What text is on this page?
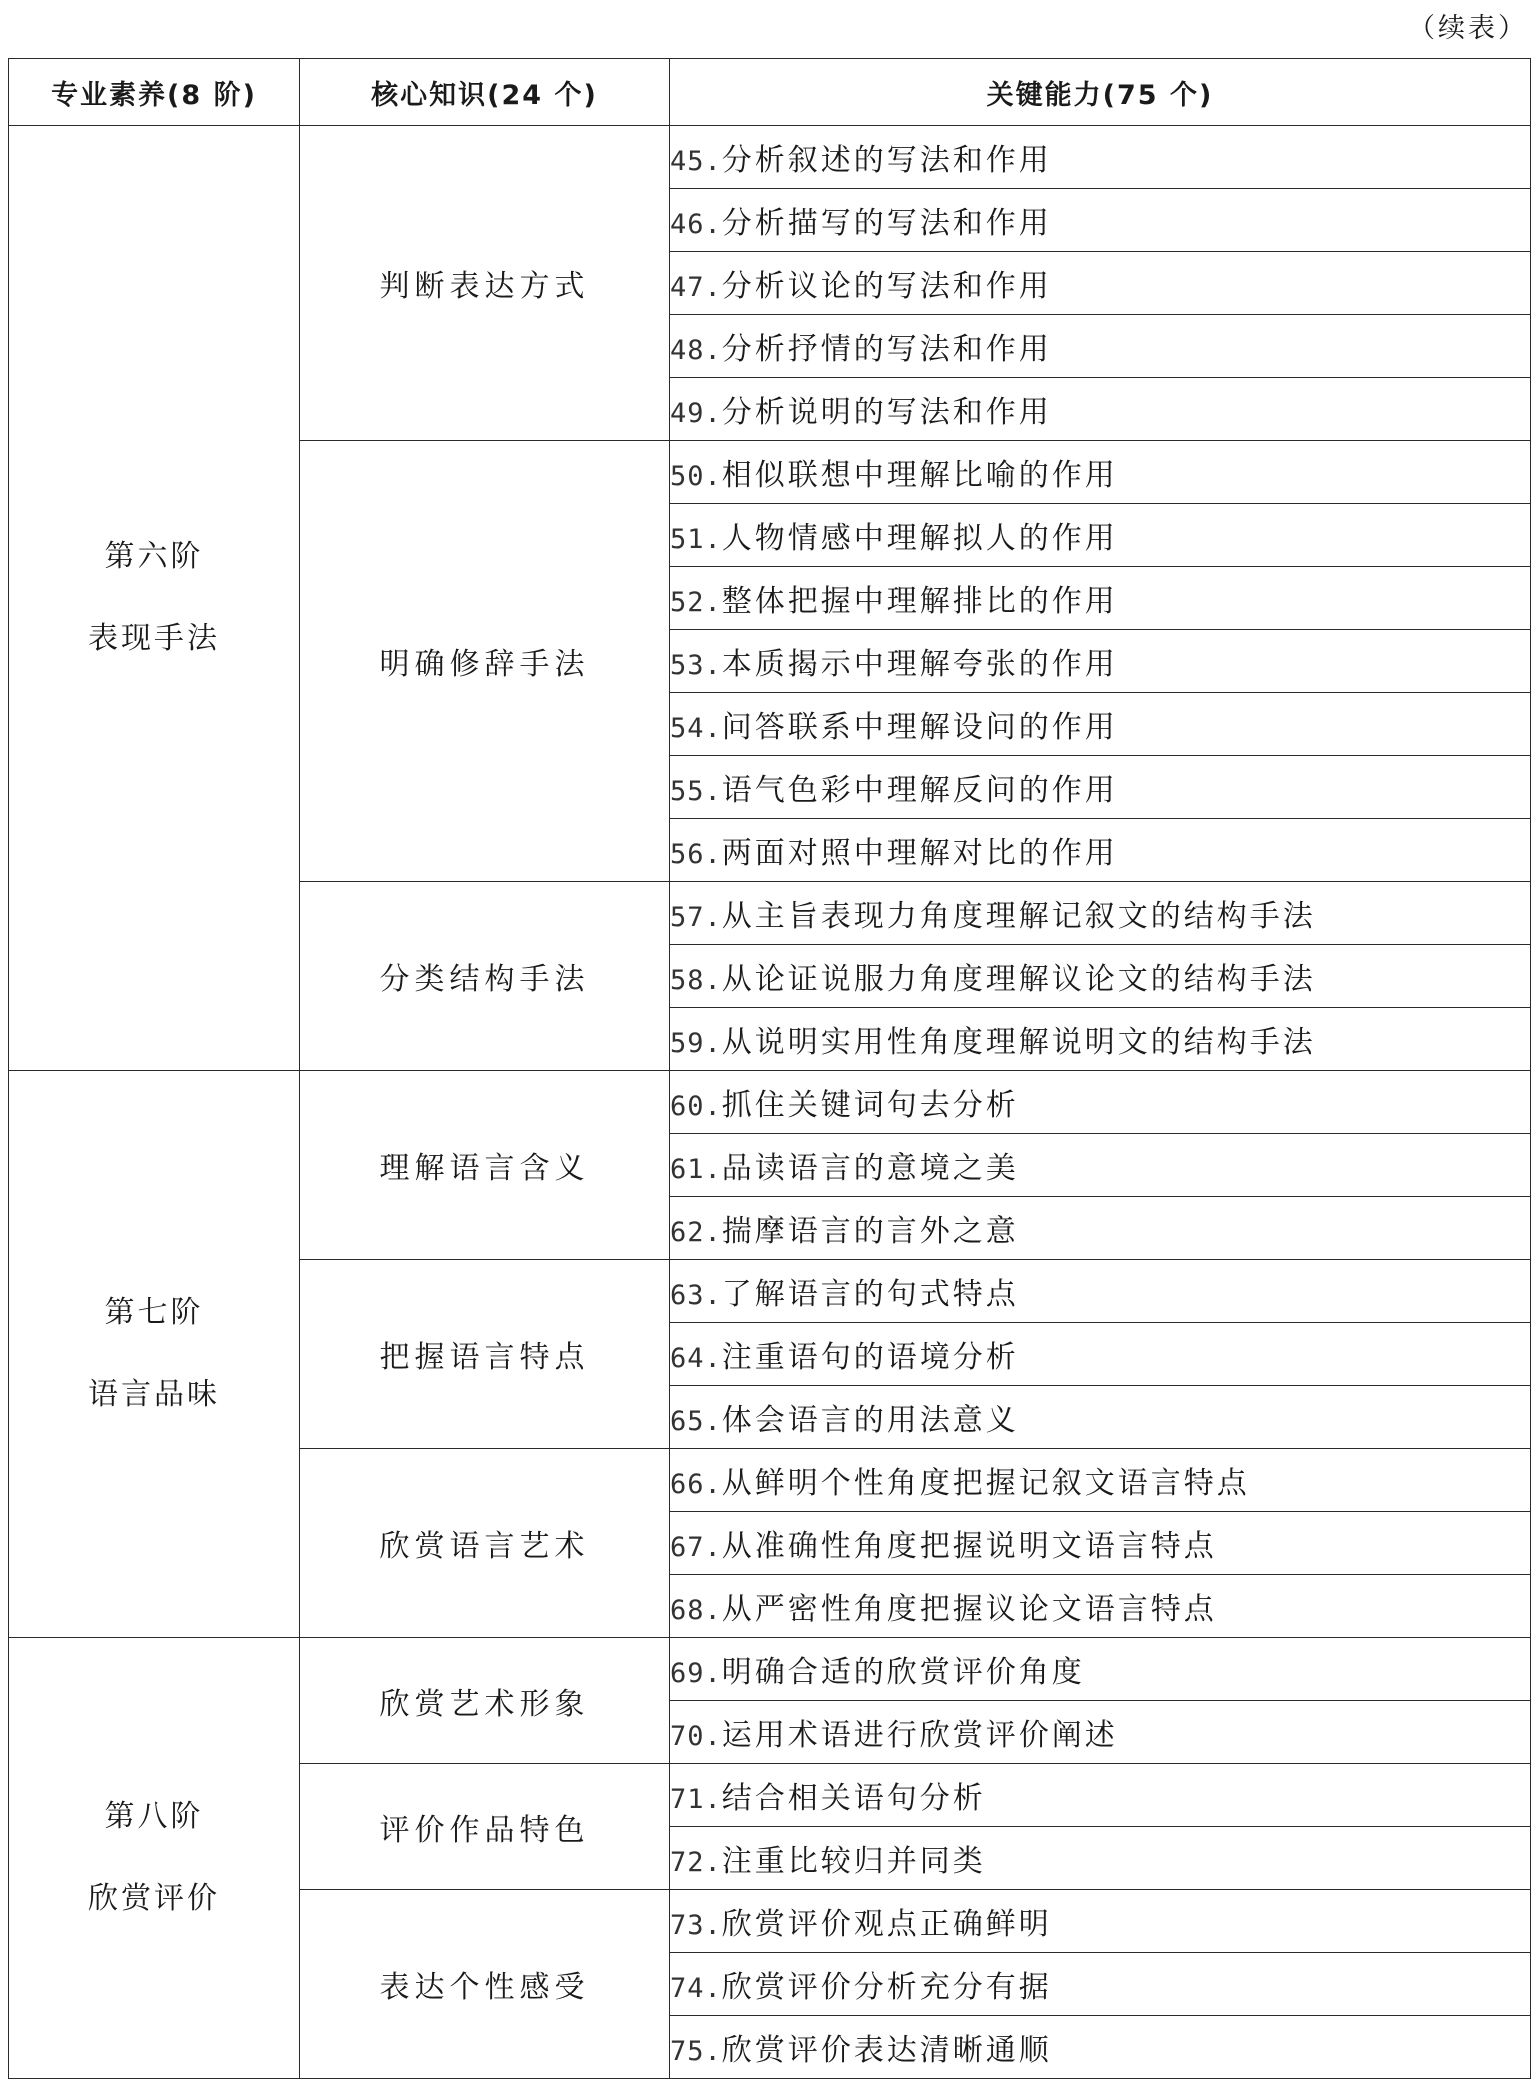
（续表）
专业素养(8 阶)	核心知识(24 个)	关键能力(75 个)

第六阶
表现手法	判断表达方式	45.分析叙述的写法和作用
		46.分析描写的写法和作用
		47.分析议论的写法和作用
		48.分析抒情的写法和作用
		49.分析说明的写法和作用
	明确修辞手法	50.相似联想中理解比喻的作用
		51.人物情感中理解拟人的作用
		52.整体把握中理解排比的作用
		53.本质揭示中理解夸张的作用
		54.问答联系中理解设问的作用
		55.语气色彩中理解反问的作用
		56.两面对照中理解对比的作用
	分类结构手法	57.从主旨表现力角度理解记叙文的结构手法
		58.从论证说服力角度理解议论文的结构手法
		59.从说明实用性角度理解说明文的结构手法

第七阶
语言品味	理解语言含义	60.抓住关键词句去分析
		61.品读语言的意境之美
		62.揣摩语言的言外之意
	把握语言特点	63.了解语言的句式特点
		64.注重语句的语境分析
		65.体会语言的用法意义
	欣赏语言艺术	66.从鲜明个性角度把握记叙文语言特点
		67.从准确性角度把握说明文语言特点
		68.从严密性角度把握议论文语言特点

第八阶
欣赏评价	欣赏艺术形象	69.明确合适的欣赏评价角度
		70.运用术语进行欣赏评价阐述
	评价作品特色	71.结合相关语句分析
		72.注重比较归并同类
	表达个性感受	73.欣赏评价观点正确鲜明
		74.欣赏评价分析充分有据
		75.欣赏评价表达清晰通顺
